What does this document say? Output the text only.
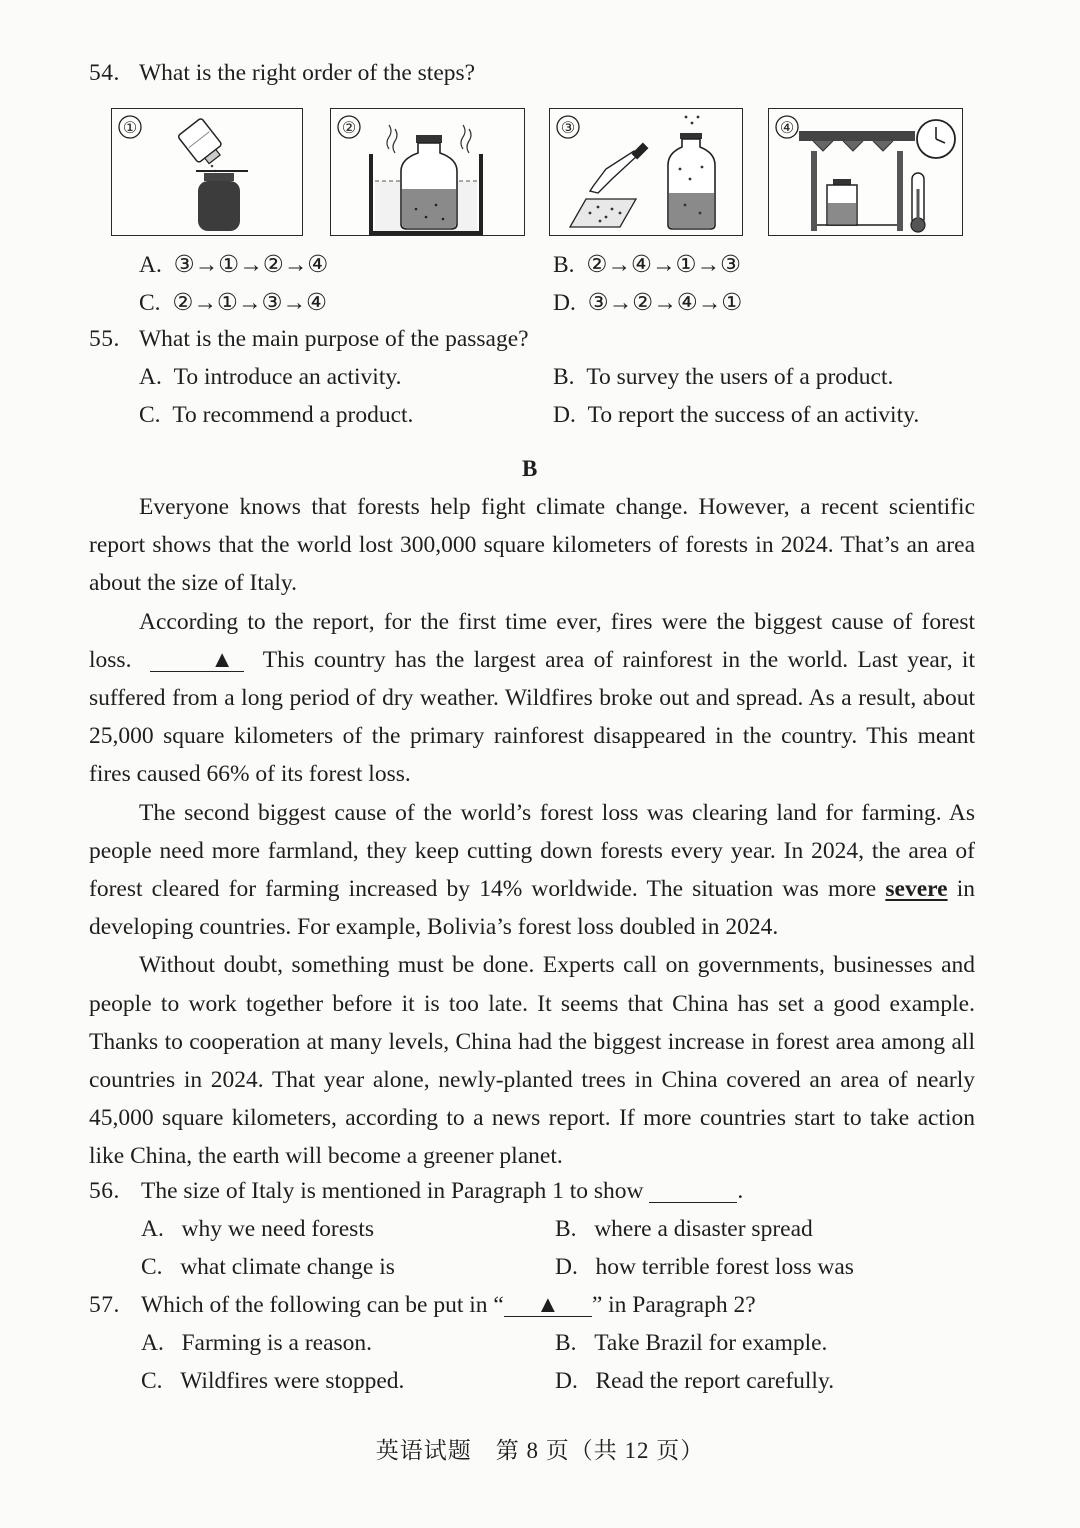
54. What is the right order of the steps?
①	②	③	④
A. ③→①→②→④	B. ②→④→①→③
C. ②→①→③→④	D. ③→②→④→①
55. What is the main purpose of the passage?
A. To introduce an activity.	B. To survey the users of a product.
C. To recommend a product.	D. To report the success of an activity.
B

Everyone knows that forests help fight climate change. However, a recent scientific report shows that the world lost 300,000 square kilometers of forests in 2024. That’s an area about the size of Italy.

According to the report, for the first time ever, fires were the biggest cause of forest loss.	▲ This country has the largest area of rainforest in the world. Last year, it suffered from a long period of dry weather. Wildfires broke out and spread. As a result, about 25,000 square kilometers of the primary rainforest disappeared in the country. This meant fires caused 66% of its forest loss.

The second biggest cause of the world’s forest loss was clearing land for farming. As people need more farmland, they keep cutting down forests every year. In 2024, the area of forest cleared for farming increased by 14% worldwide. The situation was more severe in developing countries. For example, Bolivia’s forest loss doubled in 2024.

Without doubt, something must be done. Experts call on governments, businesses and people to work together before it is too late. It seems that China has set a good example. Thanks to cooperation at many levels, China had the biggest increase in forest area among all countries in 2024. That year alone, newly-planted trees in China covered an area of nearly 45,000 square kilometers, according to a news report. If more countries start to take action like China, the earth will become a greener planet.

56. The size of Italy is mentioned in Paragraph 1 to show	.
A. why we need forests	B. where a disaster spread
C. what climate change is	D. how terrible forest loss was
57. Which of the following can be put in “ ▲ ” in Paragraph 2?
A. Farming is a reason.	B. Take Brazil for example.
C. Wildfires were stopped.	D. Read the report carefully.
英语试题　第 8 页（共 12 页）
